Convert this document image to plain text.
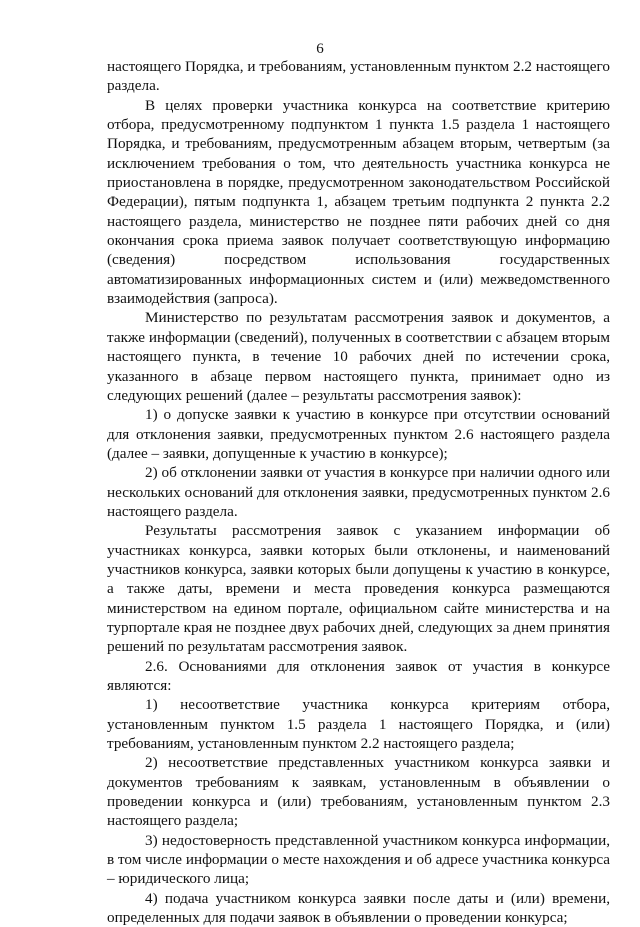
6

настоящего Порядка, и требованиям, установленным пунктом 2.2 настоящего раздела.

В целях проверки участника конкурса на соответствие критерию отбора, предусмотренному подпунктом 1 пункта 1.5 раздела 1 настоящего Порядка, и требованиям, предусмотренным абзацем вторым, четвертым (за исключением требования о том, что деятельность участника конкурса не приостановлена в порядке, предусмотренном законодательством Российской Федерации), пятым подпункта 1, абзацем третьим подпункта 2 пункта 2.2 настоящего раздела, министерство не позднее пяти рабочих дней со дня окончания срока приема заявок получает соответствующую информацию (сведения) посредством использования государственных автоматизированных информационных систем и (или) межведомственного взаимодействия (запроса).

Министерство по результатам рассмотрения заявок и документов, а также информации (сведений), полученных в соответствии с абзацем вторым настоящего пункта, в течение 10 рабочих дней по истечении срока, указанного в абзаце первом настоящего пункта, принимает одно из следующих решений (далее – результаты рассмотрения заявок):

1) о допуске заявки к участию в конкурсе при отсутствии оснований для отклонения заявки, предусмотренных пунктом 2.6 настоящего раздела (далее – заявки, допущенные к участию в конкурсе);

2) об отклонении заявки от участия в конкурсе при наличии одного или нескольких оснований для отклонения заявки, предусмотренных пунктом 2.6 настоящего раздела.

Результаты рассмотрения заявок с указанием информации об участниках конкурса, заявки которых были отклонены, и наименований участников конкурса, заявки которых были допущены к участию в конкурсе, а также даты, времени и места проведения конкурса размещаются министерством на едином портале, официальном сайте министерства и на турпортале края не позднее двух рабочих дней, следующих за днем принятия решений по результатам рассмотрения заявок.

2.6. Основаниями для отклонения заявок от участия в конкурсе являются:

1) несоответствие участника конкурса критериям отбора, установленным пунктом 1.5 раздела 1 настоящего Порядка, и (или) требованиям, установленным пунктом 2.2 настоящего раздела;

2) несоответствие представленных участником конкурса заявки и документов требованиям к заявкам, установленным в объявлении о проведении конкурса и (или) требованиям, установленным пунктом 2.3 настоящего раздела;

3) недостоверность представленной участником конкурса информации, в том числе информации о месте нахождения и об адресе участника конкурса – юридического лица;

4) подача участником конкурса заявки после даты и (или) времени, определенных для подачи заявок в объявлении о проведении конкурса;
